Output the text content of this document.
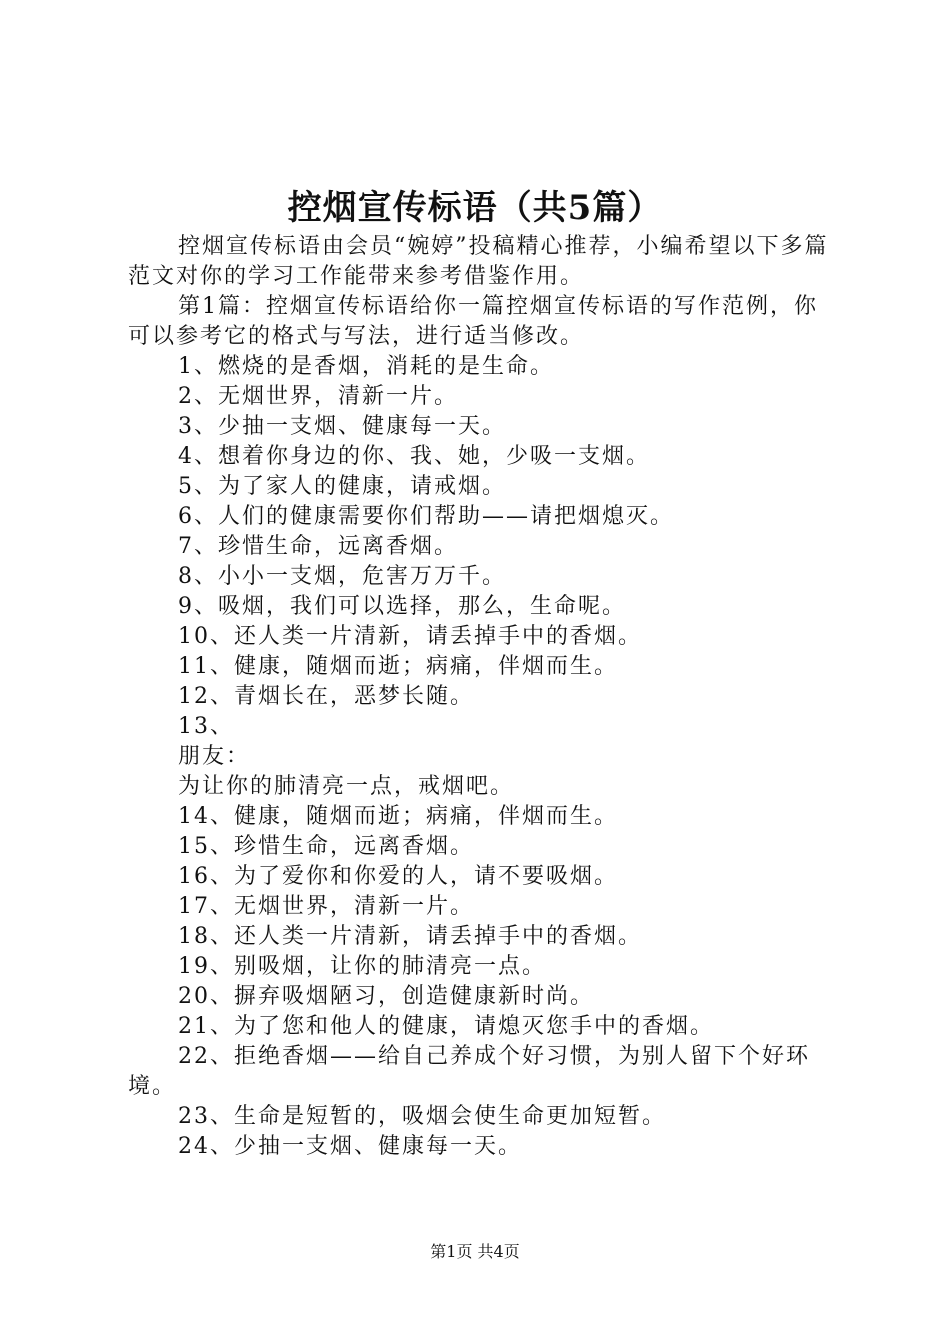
控烟宣传标语（共5篇）

控烟宣传标语由会员“婉婷”投稿精心推荐，小编希望以下多篇范文对你的学习工作能带来参考借鉴作用。

第1篇：控烟宣传标语给你一篇控烟宣传标语的写作范例，你可以参考它的格式与写法，进行适当修改。

1、燃烧的是香烟，消耗的是生命。

2、无烟世界，清新一片。

3、少抽一支烟、健康每一天。

4、想着你身边的你、我、她，少吸一支烟。

5、为了家人的健康，请戒烟。

6、人们的健康需要你们帮助——请把烟熄灭。

7、珍惜生命，远离香烟。

8、小小一支烟，危害万万千。

9、吸烟，我们可以选择，那么，生命呢。

10、还人类一片清新，请丢掉手中的香烟。

11、健康，随烟而逝；病痛，伴烟而生。

12、青烟长在，恶梦长随。

13、

朋友：

为让你的肺清亮一点，戒烟吧。

14、健康，随烟而逝；病痛，伴烟而生。

15、珍惜生命，远离香烟。

16、为了爱你和你爱的人，请不要吸烟。

17、无烟世界，清新一片。

18、还人类一片清新，请丢掉手中的香烟。

19、别吸烟，让你的肺清亮一点。

20、摒弃吸烟陋习，创造健康新时尚。

21、为了您和他人的健康，请熄灭您手中的香烟。

22、拒绝香烟——给自己养成个好习惯，为别人留下个好环境。

23、生命是短暂的，吸烟会使生命更加短暂。

24、少抽一支烟、健康每一天。

第1页 共4页
